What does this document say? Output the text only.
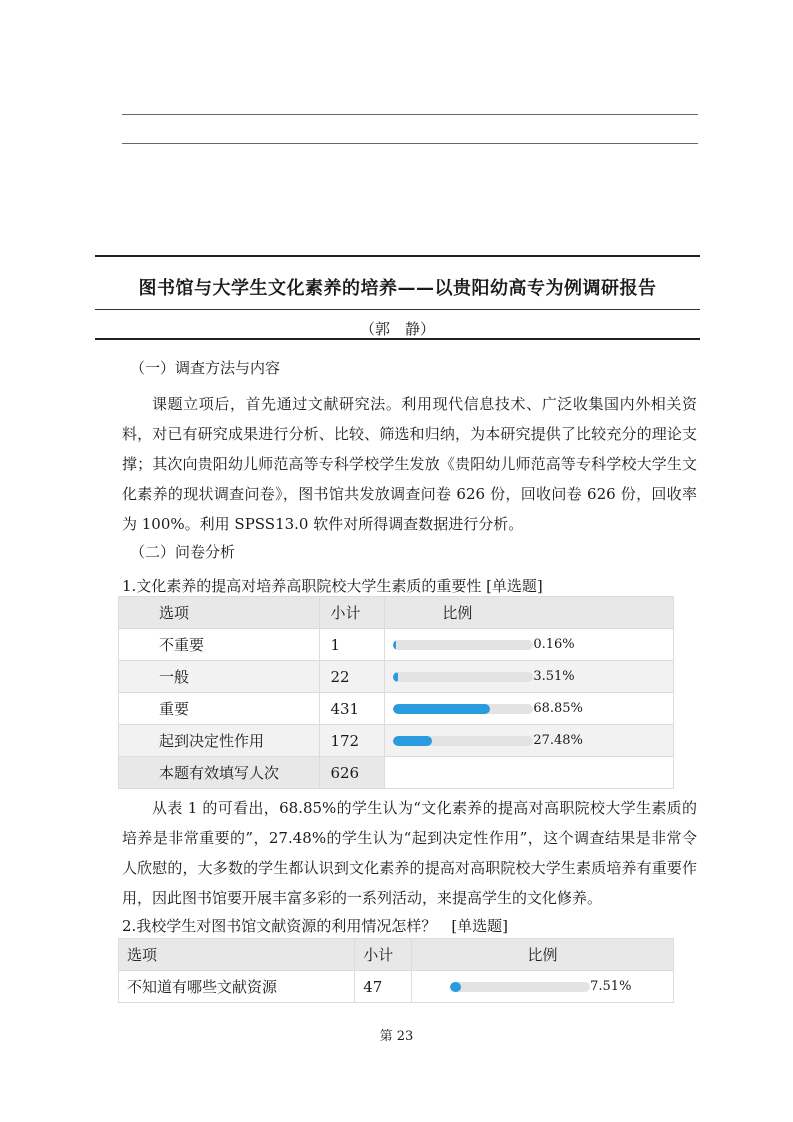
图书馆与大学生文化素养的培养——以贵阳幼高专为例调研报告
（郭　静）
（一）调查方法与内容

课题立项后，首先通过文献研究法。利用现代信息技术、广泛收集国内外相关资料，对已有研究成果进行分析、比较、筛选和归纳，为本研究提供了比较充分的理论支撑；其次向贵阳幼儿师范高等专科学校学生发放《贵阳幼儿师范高等专科学校大学生文化素养的现状调查问卷》，图书馆共发放调查问卷 626 份，回收问卷 626 份，回收率为 100%。利用 SPSS13.0 软件对所得调查数据进行分析。

（二）问卷分析
1.文化素养的提高对培养高职院校大学生素质的重要性 [单选题]
选项	小计	比例
不重要	1	0.16%

一般	22	3.51%

重要	431	68.85%

起到决定性作用	172	27.48%

本题有效填写人次	626	

从表 1 的可看出，68.85%的学生认为“文化素养的提高对高职院校大学生素质的培养是非常重要的”，27.48%的学生认为“起到决定性作用”，这个调查结果是非常令人欣慰的，大多数的学生都认识到文化素养的提高对高职院校大学生素质培养有重要作用，因此图书馆要开展丰富多彩的一系列活动，来提高学生的文化修养。

2.我校学生对图书馆文献资源的利用情况怎样？　[单选题]
选项	小计	比例
不知道有哪些文献资源	47	7.51%
第 23
